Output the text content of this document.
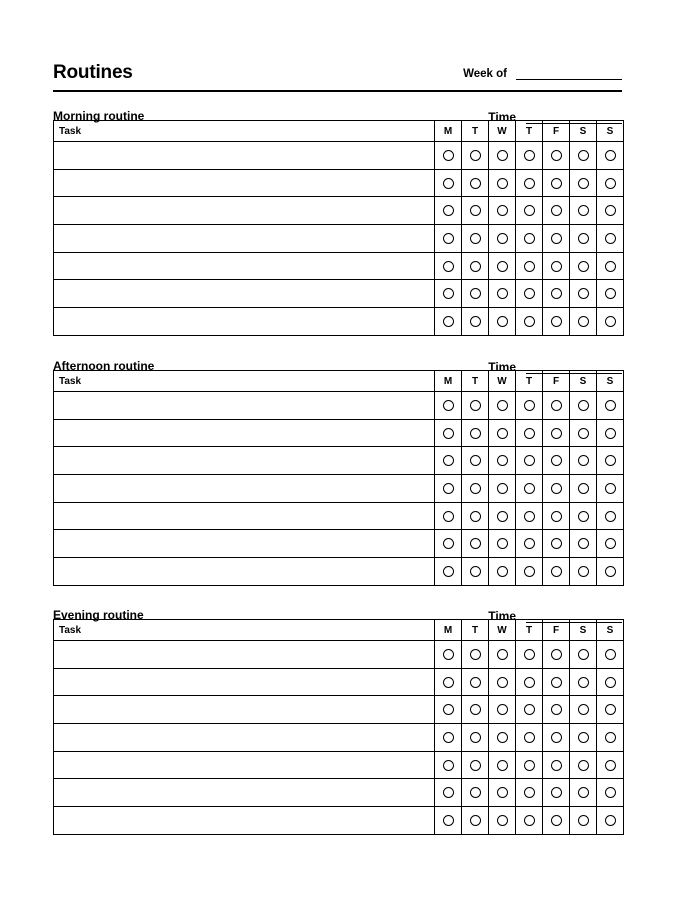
Routines	Week of
Morning routine	Time
Task	M	T	W	T	F	S	S

Afternoon routine	Time
Task	M	T	W	T	F	S	S

Evening routine	Time
Task	M	T	W	T	F	S	S
